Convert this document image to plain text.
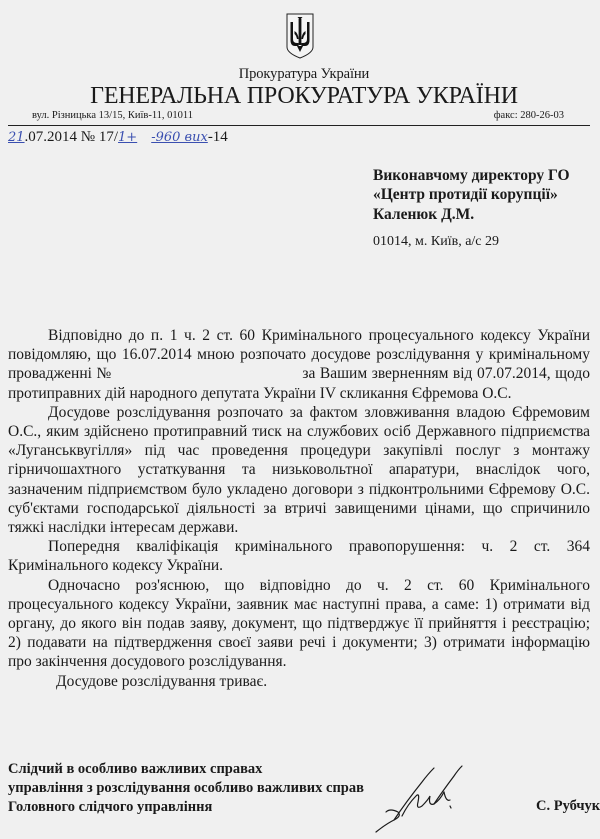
Прокуратура України
ГЕНЕРАЛЬНА ПРОКУРАТУРА УКРАЇНИ
вул. Різницька 13/15, Київ-11, 01011	факс: 280-26-03
21.07.2014 № 17/1+ -960 вих-14
Виконавчому директору ГО
«Центр протидії корупції»
Каленюк Д.М.
01014, м. Київ, а/с 29

Відповідно до п. 1 ч. 2 ст. 60 Кримінального процесуального кодексу України повідомляю, що 16.07.2014 мною розпочато досудове розслідування у кримінальному провадженні №                                          за Вашим зверненням від 07.07.2014, щодо протиправних дій народного депутата України IV скликання Єфремова О.С.

Досудове розслідування розпочато за фактом зловживання владою Єфремовим О.С., яким здійснено протиправний тиск на службових осіб Державного підприємства «Луганськвугілля» під час проведення процедури закупівлі послуг з монтажу гірничошахтного устаткування та низьковольтної апаратури, внаслідок чого, зазначеним підприємством було укладено договори з підконтрольними Єфремову О.С. суб'єктами господарської діяльності за втричі завищеними цінами, що спричинило тяжкі наслідки інтересам держави.

Попередня кваліфікація кримінального правопорушення: ч. 2 ст. 364 Кримінального кодексу України.

Одночасно роз'яснюю, що відповідно до ч. 2 ст. 60 Кримінального процесуального кодексу України, заявник має наступні права, а саме: 1) отримати від органу, до якого він подав заяву, документ, що підтверджує її прийняття і реєстрацію; 2) подавати на підтвердження своєї заяви речі і документи; 3) отримати інформацію про закінчення досудового розслідування.

Досудове розслідування триває.

Слідчий в особливо важливих справах
управління з розслідування особливо важливих справ
Головного слідчого управління	С. Рубчук
